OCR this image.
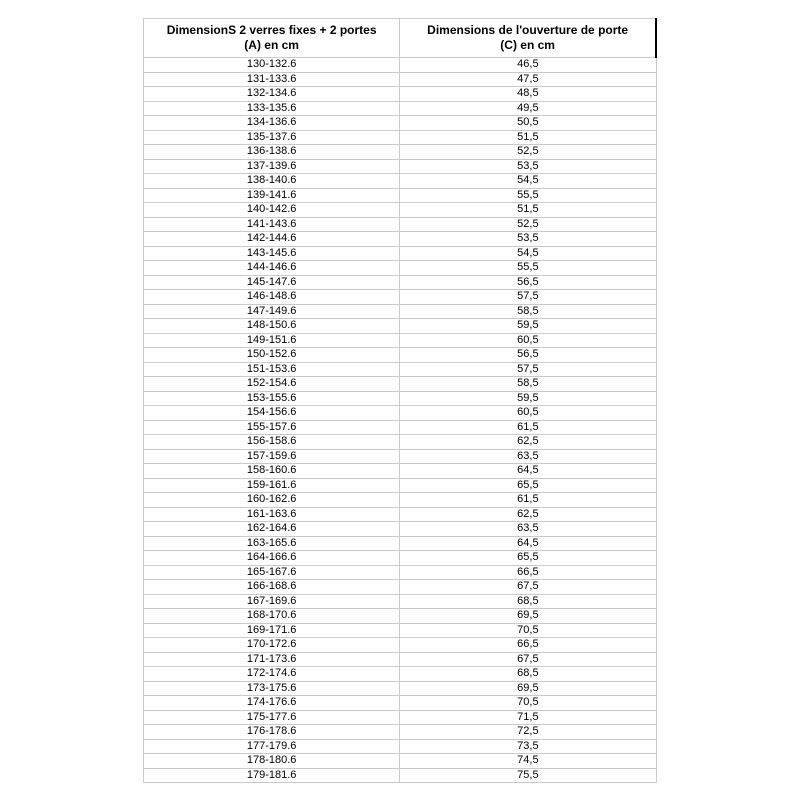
DimensionS 2 verres fixes + 2 portes
(A) en cm

Dimensions de l'ouverture de porte
(C) en cm

130-132.6	46,5
131-133.6	47,5
132-134.6	48,5
133-135.6	49,5
134-136.6	50,5
135-137.6	51,5
136-138.6	52,5
137-139.6	53,5
138-140.6	54,5
139-141.6	55,5
140-142.6	51,5
141-143.6	52,5
142-144.6	53,5
143-145.6	54,5
144-146.6	55,5
145-147.6	56,5
146-148.6	57,5
147-149.6	58,5
148-150.6	59,5
149-151.6	60,5
150-152.6	56,5
151-153.6	57,5
152-154.6	58,5
153-155.6	59,5
154-156.6	60,5
155-157.6	61,5
156-158.6	62,5
157-159.6	63,5
158-160.6	64,5
159-161.6	65,5
160-162.6	61,5
161-163.6	62,5
162-164.6	63,5
163-165.6	64,5
164-166.6	65,5
165-167.6	66,5
166-168.6	67,5
167-169.6	68,5
168-170.6	69,5
169-171.6	70,5
170-172.6	66,5
171-173.6	67,5
172-174.6	68,5
173-175.6	69,5
174-176.6	70,5
175-177.6	71,5
176-178.6	72,5
177-179.6	73,5
178-180.6	74,5
179-181.6	75,5
